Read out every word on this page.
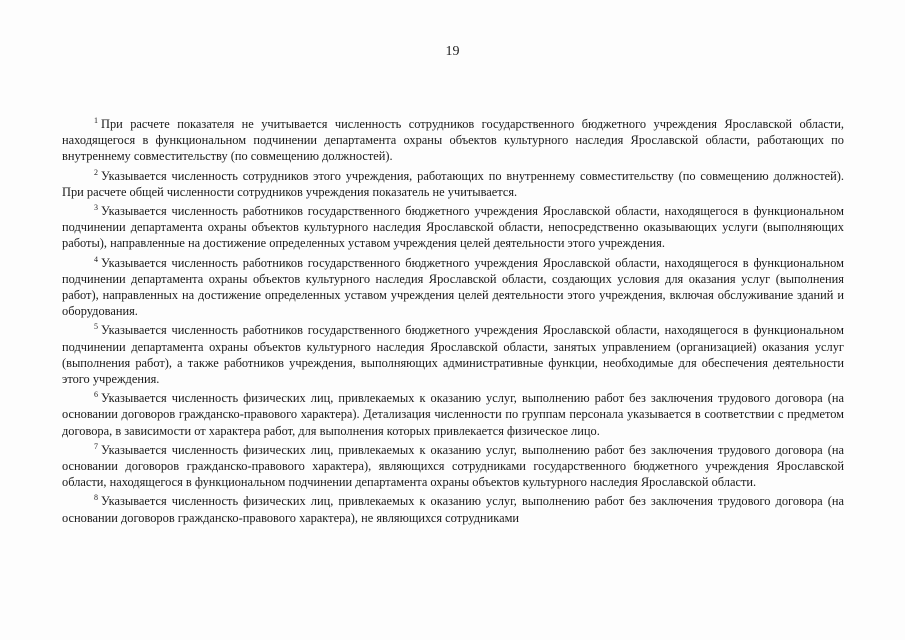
19

$^1$ При расчете показателя не учитывается численность сотрудников государственного бюджетного учреждения Ярославской области, находящегося в функциональном подчинении департамента охраны объектов культурного наследия Ярославской области, работающих по внутреннему совместительству (по совмещению должностей).

$^2$ Указывается численность сотрудников этого учреждения, работающих по внутреннему совместительству (по совмещению должностей). При расчете общей численности сотрудников учреждения показатель не учитывается.

$^3$ Указывается численность работников государственного бюджетного учреждения Ярославской области, находящегося в функциональном подчинении департамента охраны объектов культурного наследия Ярославской области, непосредственно оказывающих услуги (выполняющих работы), направленные на достижение определенных уставом учреждения целей деятельности этого учреждения.

$^4$ Указывается численность работников государственного бюджетного учреждения Ярославской области, находящегося в функциональном подчинении департамента охраны объектов культурного наследия Ярославской области, создающих условия для оказания услуг (выполнения работ), направленных на достижение определенных уставом учреждения целей деятельности этого учреждения, включая обслуживание зданий и оборудования.

$^5$ Указывается численность работников государственного бюджетного учреждения Ярославской области, находящегося в функциональном подчинении департамента охраны объектов культурного наследия Ярославской области, занятых управлением (организацией) оказания услуг (выполнения работ), а также работников учреждения, выполняющих административные функции, необходимые для обеспечения деятельности этого учреждения.

$^6$ Указывается численность физических лиц, привлекаемых к оказанию услуг, выполнению работ без заключения трудового договора (на основании договоров гражданско-правового характера). Детализация численности по группам персонала указывается в соответствии с предметом договора, в зависимости от характера работ, для выполнения которых привлекается физическое лицо.

$^7$ Указывается численность физических лиц, привлекаемых к оказанию услуг, выполнению работ без заключения трудового договора (на основании договоров гражданско-правового характера), являющихся сотрудниками государственного бюджетного учреждения Ярославской области, находящегося в функциональном подчинении департамента охраны объектов культурного наследия Ярославской области.

$^8$ Указывается численность физических лиц, привлекаемых к оказанию услуг, выполнению работ без заключения трудового договора (на основании договоров гражданско-правового характера), не являющихся сотрудниками
